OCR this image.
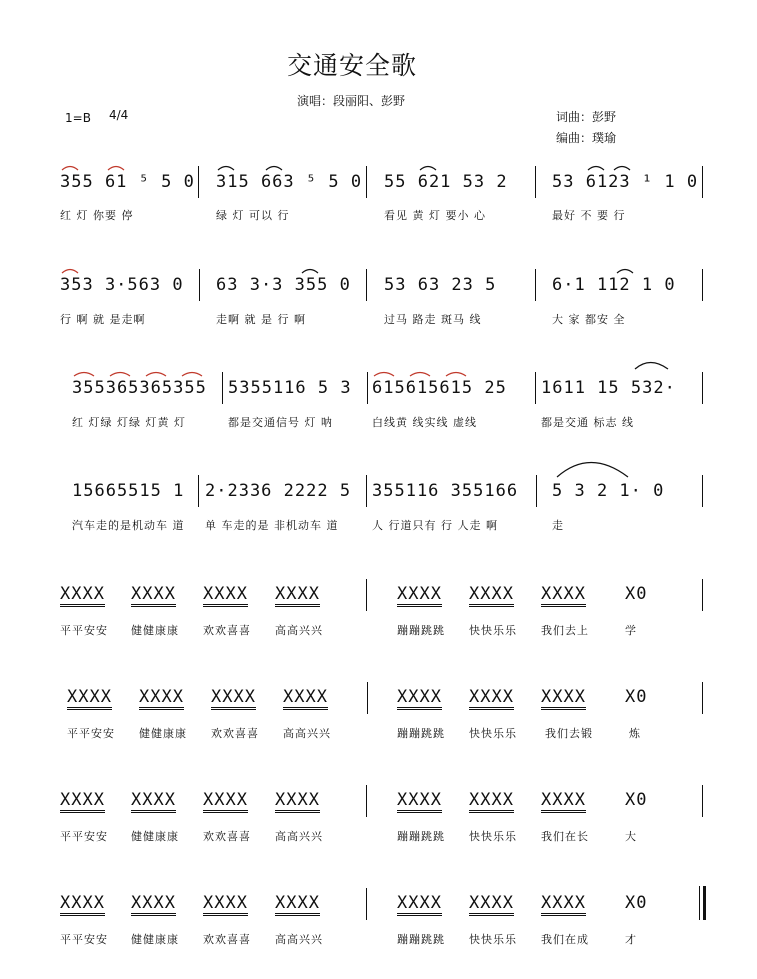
交通安全歌
演唱：段丽阳、彭野
1=B 4/4	词曲：彭野
编曲：璞瑜
355 61 ⁵ 5 0 315 663 ⁵ 5 0 55 621 53 2	53 6123 ¹ 1 0
红 灯 你要 停	绿 灯 可以 行	看见 黄 灯 要小 心	最好 不 要 行
353 3·563 0 63 3·3 355 0 53 63 23 5	6·1 112 1 0
行 啊 就 是走啊	走啊 就 是 行 啊	过马 路走 斑马 线	大 家 都安 全
355365365355 5355116 5 3 615615615 25 1611 15 532·
红 灯绿 灯绿 灯黄 灯	都是交通信号 灯 呐	白线黄 线实线 虚线	都是交通 标志 线
15665515 1 2·2336 2222 5 355116 355166 5 3 2 1· 0
汽车走的是机动车 道 单 车走的是 非机动车 道	人 行道只有 行 人走 啊	走
XXXX XXXX XXXX XXXX	XXXX XXXX XXXX X0
平平安安 健健康康 欢欢喜喜 高高兴兴	蹦蹦跳跳 快快乐乐 我们去上	学
XXXX XXXX XXXX XXXX	XXXX XXXX XXXX X0
平平安安 健健康康 欢欢喜喜 高高兴兴	蹦蹦跳跳 快快乐乐	我们去锻	炼
XXXX XXXX XXXX XXXX	XXXX XXXX XXXX X0
平平安安 健健康康 欢欢喜喜 高高兴兴	蹦蹦跳跳 快快乐乐 我们在长	大
XXXX XXXX XXXX XXXX	XXXX XXXX XXXX X0
平平安安 健健康康 欢欢喜喜 高高兴兴	蹦蹦跳跳 快快乐乐 我们在成	才
